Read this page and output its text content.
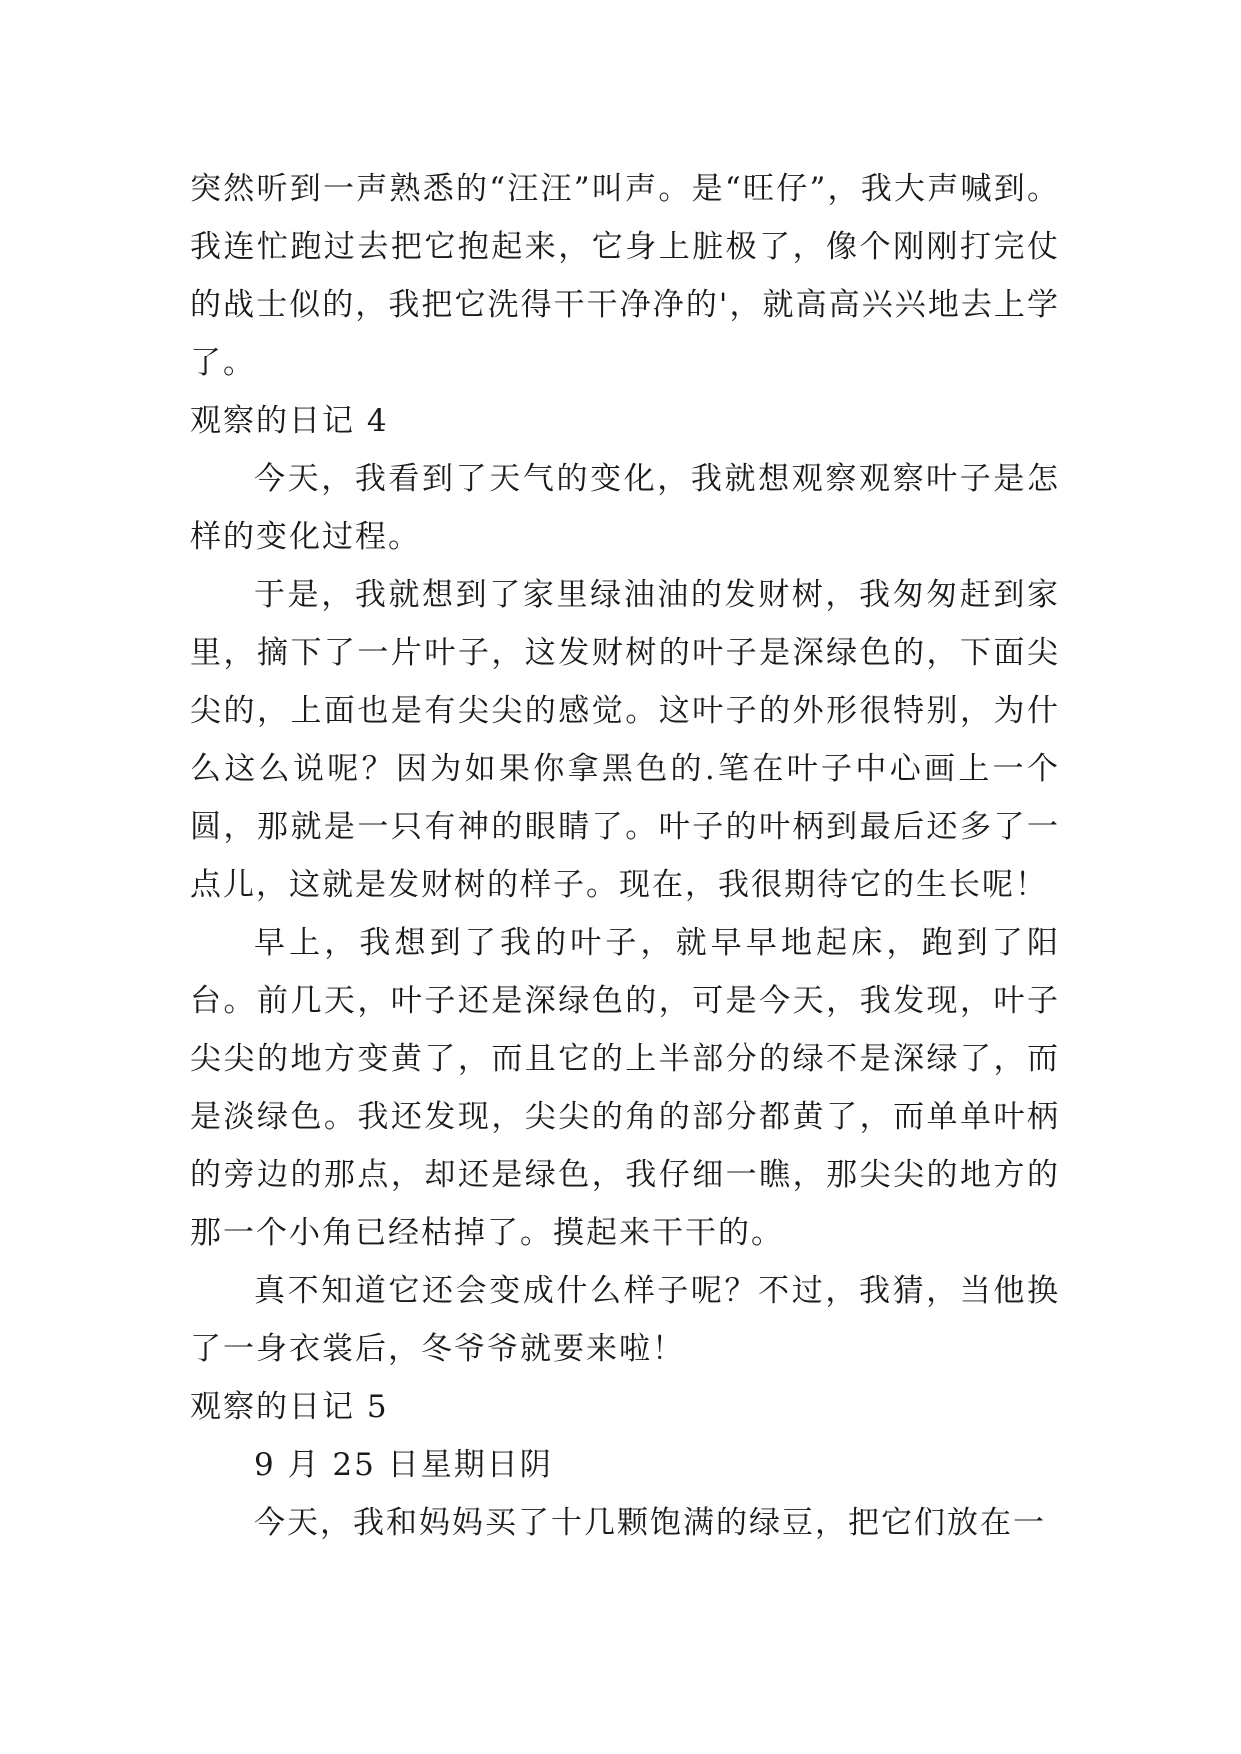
突然听到一声熟悉的“汪汪”叫声。是“旺仔”，我大声喊到。我连忙跑过去把它抱起来，它身上脏极了，像个刚刚打完仗的战士似的，我把它洗得干干净净的'，就高高兴兴地去上学了。

观察的日记 4

今天，我看到了天气的变化，我就想观察观察叶子是怎样的变化过程。

于是，我就想到了家里绿油油的发财树，我匆匆赶到家里，摘下了一片叶子，这发财树的叶子是深绿色的，下面尖尖的，上面也是有尖尖的感觉。这叶子的外形很特别，为什么这么说呢？因为如果你拿黑色的.笔在叶子中心画上一个圆，那就是一只有神的眼睛了。叶子的叶柄到最后还多了一点儿，这就是发财树的样子。现在，我很期待它的生长呢！

早上，我想到了我的叶子，就早早地起床，跑到了阳台。前几天，叶子还是深绿色的，可是今天，我发现，叶子尖尖的地方变黄了，而且它的上半部分的绿不是深绿了，而是淡绿色。我还发现，尖尖的角的部分都黄了，而单单叶柄的旁边的那点，却还是绿色，我仔细一瞧，那尖尖的地方的那一个小角已经枯掉了。摸起来干干的。

真不知道它还会变成什么样子呢？不过，我猜，当他换了一身衣裳后，冬爷爷就要来啦！

观察的日记 5

9 月 25 日星期日阴

今天，我和妈妈买了十几颗饱满的绿豆，把它们放在一
